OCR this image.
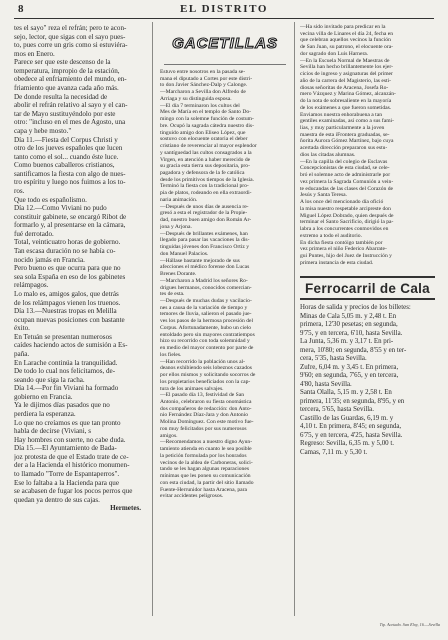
8	EL DISTRITO
tes el sayo" reza el refrán; pero te acon-
sejo, lector, que sigas con el sayo pues-
to, pues corre un gris como si estuviéra-
mos en Enero.
Parece ser que este descenso de la
temperatura, impropio de la estación,
obedece al enfriamiento del mundo, en-
friamiento que avanza cada año más.
De donde resulta la necesidad de
abolir el refrán relativo al sayo y el can-
tar de Mayo sustituyéndolo por este
otro: "incluso en el mes de Agosto, una
capa y hebe mosto."
Día 11.—Fiesta del Corpus Christi y
otro de los jueves españoles que lucen
tanto como el sol... cuando éste luce.
Como buenos caballeros cristianos,
santificamos la fiesta con algo de nues-
tro espíritu y luego nos fuimos a los to-
ros.
Que todo es españolismo.
Día 12.—Como Viviani no pudo
constituir gabinete, se encargó Ribot de
formarlo y, al presentarse en la cámara,
fué derrotado.
Total, veinticuatro horas de gobierno.
Tan escasa duración no se había co-
nocido jamás en Francia.
Pero bueno es que ocurra para que no
sea sola España en eso de los gabinetes
relámpagos.
Lo malo es, amigos galos, que detrás
de los relámpagos vienen los truenos.
Día 13.—Nuestras tropas en Melilla
ocupan nuevas posiciones con bastante
éxito.
En Tetuán se presentan numerosos
caídes haciendo actos de sumisión a Es-
paña.
En Larache continúa la tranquilidad.
De todo lo cual nos felicitamos, de-
seando que siga la racha.
Día 14.—Por fin Viviani ha formado
gobierno en Francia.
Ya le dijimos días pasados que no
perdiera la esperanza.
Lo que no creíamos es que tan pronto
habla de decirse (Viviani, s
Hay hombres con suerte, no cabe duda.
Día 15.—El Ayuntamiento de Bada-
joz protesta de que el Estado trate de ce-
der a la Hacienda el histórico monumen-
to llamado "Torre de Espantaperros".
Ese lo faltaba a la Hacienda para que
se acabasen de fugar los pocos perros que
quedan ya dentro de sus cajas.
Hermetes.
GACETILLAS
Estuvo entre nosotros en la pasada se-
mana el diputado a Cortes por este distri-
to don Javier Sánchez-Dalp y Calonge.
—Marcharon a Sevilla don Alfredo de
Arriaga y su distinguida esposa.
—El día 7 terminaron los cultos del
Mes de María en el templo de Santo Do-
mingo con la solemne función de costum-
bre. Ocupó la sagrada cátedra nuestro dis-
tinguido amigo don Eliseo López, que
sostuvo con elocuente oratoria el deber
cristiano de reverenciar al mayor esplendor
y santíguedad las cultos consagrados a la
Virgen, en atención a haber merecido de
su gracia esta tierra sus depositaria, pro-
pagadora y defensora de la fe católica
desde los primitivos tiempos de la Iglesia.
Terminó la fiesta con la tradicional pro-
pia de platos, rodeando en ella extraordi-
naria animación.
—Después de unos días de ausencia re-
gresó a esta el registrador de la Propie-
dad, nuestro buen amigo don Román Ar-
jona y Arjona.
—Después de brillantes exámenes, han
llegado para pasar las vacaciones la dis-
tinguidas jóvenes don Francisco Ortiz y
don Manuel Palacios.
—Hállase bastante mejorado de sus
afecciones el médico forense don Lucas
Brenes Dorante.
—Marcharon a Madrid los señores Ro-
drigues hermanos, conocidos comercian-
tes de esta.
—Después de muchas dudas y vacilacio-
nes a causa de la variación de tiempo y
temores de lluvia, salieron el pasado jue-
ves los pasos de la hermosa procesión del
Corpus. Afortunadamente, hubo un cielo
entoldado pero sin mayores contratiempos
hizo su recorrido con toda solemnidad y
en medio del mayor contento por parte de
los fieles.
—Han recorrido la población unos al-
deanos exhibiendo seis lobeznos cazados
por ellos mismos y solicitando socorros de
los propietarios beneficiados con la cap-
tura de los animaes salvajes.
—El pasado día 13, festividad de San
Antonio, celebraron su fiesta onomástica
dos compañeros de redacción: don Anto-
nio Fernández Díaz-Jara y don Antonio
Molina Domínguez. Con este motivo fue-
ron muy felicitados por sus numerosos
amigos.
—Recomendamos a nuestro digno Ayun-
tamiento atienda en cuanto le sea posible
la petición formulada por los honrados
vecinos de la aldea de Carboneras, solici-
tando se les hagan algunas reparaciones
mínimas que les ponen su comunicación
con esta ciudad, la partir del sitio llamado
Fuente-Herrunidor hasta Aracena, para
evitar accidentes peligrosos.
—Ha sido invitado para predicar en la
vecina villa de Linares el día 24, fecha en
que celebran aquellos vecinos la función
de San Juan, su patrono, el elocuente ora-
dor sagrado don Luis Harnera.
—En la Escuela Normal de Maestras de
Sevilla han hecho brillantemente los ejer-
cicios de ingreso y asignaturas del primer
año de la carrera del Magisterio, las esti-
diosas señoritas de Aracena, Josefa Ro-
mero Vázquez y Marina Gómez, alcanzán-
do la nota de sobresaliente en la mayoría
de los exámenes a que fueron sometidas.
Enviamos nuestra enhorabuena a tan
gentiles examinadas, así como a sus fami-
lias, y muy particularmente a la joven
maestra de esta iFrontera graduadas, se-
ñorita Aurora Gómez Martínez, bajo cuya
acertada dirección prepararon sus estu-
dios las citadas alumnas.
—En la capilla del colegio de Esclavas
Concepcionistas de esta ciudad, se cele-
bró el solemne acto de administrarle por
vez primera la Sagrada Comunión a vein-
te educandas de las clases del Corazón de
Jesús y Santa Teresa.
A los once del mencionado día ofició
la misa nuestro respetable arcipreste don
Miguel López Dobrado, quien después de
terminar el Santo Sacrificio, dirigió la pa-
labra a los concurrentes conmovidos en
extremo a todo el auditorio.
En dicha fiesta contóigo también por
vez primera el niño Federico Abarrate-
gui Puntes, hijo del Juez de Instrucción y
primera instancia de esta ciudad.
Ferrocarril de Cala
Horas de salida y precios de los billetes:
Minas de Cala 5,05 m. y 2,48 t. En
primera, 12'30 pesetas; en segunda,
9'75, y en tercera, 6'10, hasta Sevilla.
La Junta, 5,36 m. y 3,17 t. En pri-
mera, 10'80; en segunda, 8'55 y en ter-
cera, 5'35, hasta Sevilla.
Zufre, 6,04 m. y 3,45 t. En primera,
9'60; en segunda, 7'65, y en tercera,
4'80, hasta Sevilla.
Santa Olalla, 5,15 m. y 2,58 t. En
primera, 11'35; en segunda, 8'95, y en
tercera, 5'65, hasta Sevilla.
Castillo de las Guardas, 6,19 m. y
4,10 t. En primera, 8'45; en segunda,
6'75, y en tercera, 4'25, hasta Sevilla.
Regreso: Sevilla, 6,35 m. y 5,00 t.
Camas, 7,11 m. y 5,30 t.
Tip. Acetado. San Eloy, 16.—Sevilla
